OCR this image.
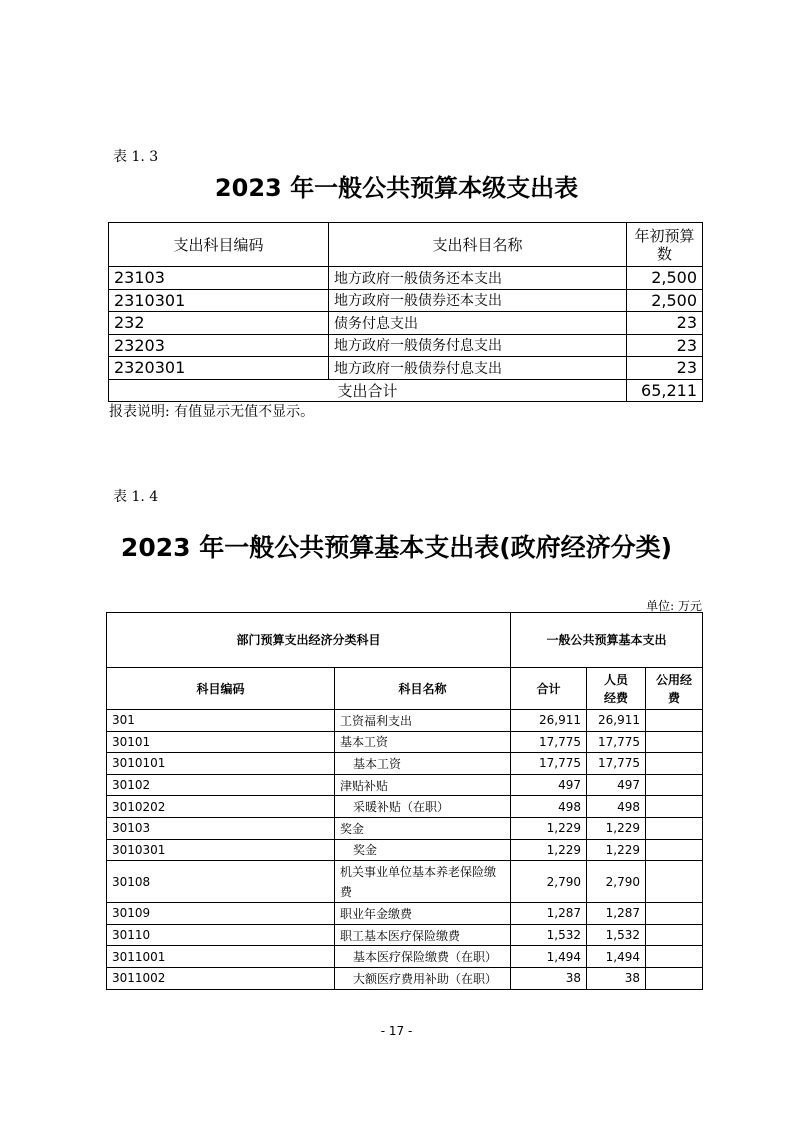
表 1. 3
2023 年一般公共预算本级支出表
支出科目编码	支出科目名称	年初预算数
23103	地方政府一般债务还本支出	2,500
2310301	地方政府一般债券还本支出	2,500
232	债务付息支出	23
23203	地方政府一般债务付息支出	23
2320301	地方政府一般债券付息支出	23
支出合计		65,211
报表说明: 有值显示无值不显示。
表 1. 4
2023 年一般公共预算基本支出表(政府经济分类)
单位: 万元
部门预算支出经济分类科目		一般公共预算基本支出		
科目编码	科目名称	合计	人员经费	公用经费
301	工资福利支出	26,911	26,911	
30101	基本工资	17,775	17,775	
3010101	基本工资	17,775	17,775	
30102	津贴补贴	497	497	
3010202	采暖补贴（在职）	498	498	
30103	奖金	1,229	1,229	
3010301	奖金	1,229	1,229	
30108	机关事业单位基本养老保险缴费	2,790	2,790	
30109	职业年金缴费	1,287	1,287	
30110	职工基本医疗保险缴费	1,532	1,532	
3011001	基本医疗保险缴费（在职）	1,494	1,494	
3011002	大额医疗费用补助（在职）	38	38	
- 17 -
